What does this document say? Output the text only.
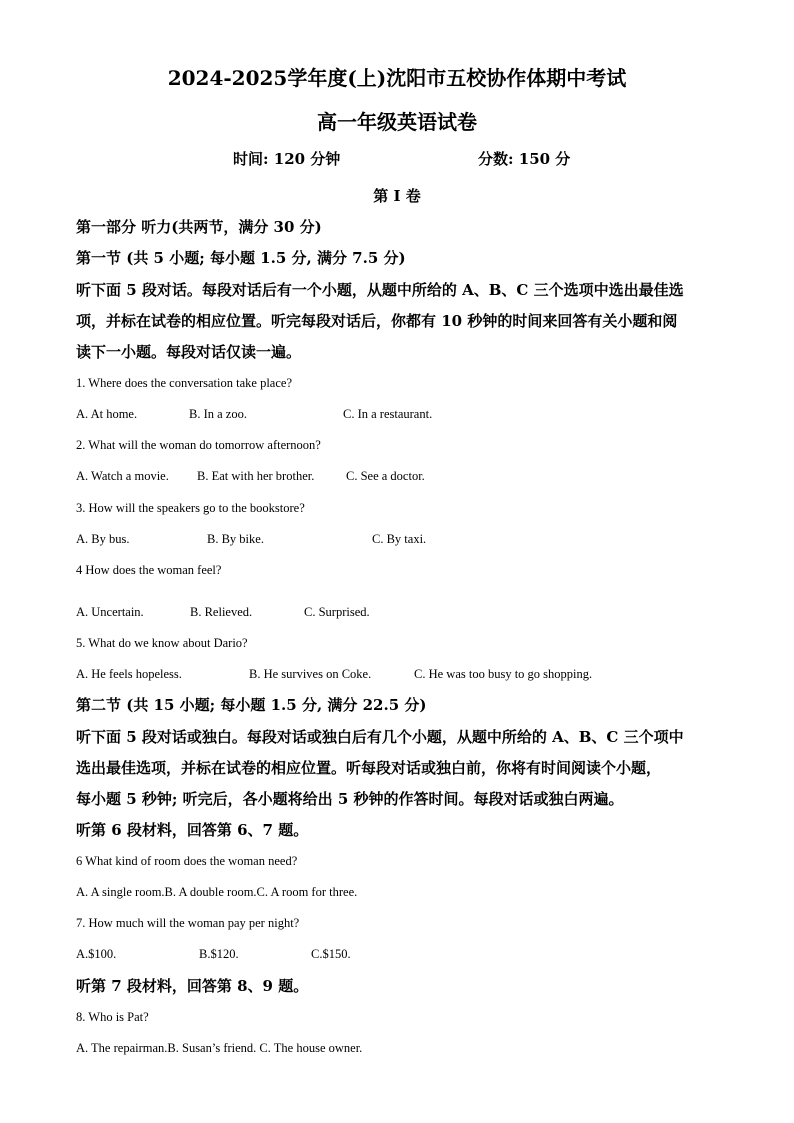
2024-2025学年度(上)沈阳市五校协作体期中考试
高一年级英语试卷
时间: 120 分钟	分数: 150 分
第 I 卷
第一部分 听力(共两节，满分 30 分)
第一节 (共 5 小题; 每小题 1.5 分, 满分 7.5 分)
听下面 5 段对话。每段对话后有一个小题，从题中所给的 A、B、C 三个选项中选出最佳选
项，并标在试卷的相应位置。听完每段对话后，你都有 10 秒钟的时间来回答有关小题和阅
读下一小题。每段对话仅读一遍。
1. Where does the conversation take place?
A. At home.	B. In a zoo.	C. In a restaurant.
2. What will the woman do tomorrow afternoon?
A. Watch a movie. B. Eat with her brother.	C. See a doctor.
3. How will the speakers go to the bookstore?
A. By bus.	B. By bike.	C. By taxi.
4 How does the woman feel?
A. Uncertain.	B. Relieved.	C. Surprised.
5. What do we know about Dario?
A. He feels hopeless.	B. He survives on Coke.	C. He was too busy to go shopping.
第二节 (共 15 小题; 每小题 1.5 分, 满分 22.5 分)
听下面 5 段对话或独白。每段对话或独白后有几个小题，从题中所给的 A、B、C 三个项中
选出最佳选项，并标在试卷的相应位置。听每段对话或独白前，你将有时间阅读个小题，
每小题 5 秒钟; 听完后，各小题将给出 5 秒钟的作答时间。每段对话或独白两遍。
听第 6 段材料，回答第 6、7 题。
6 What kind of room does the woman need?
A. A single room.B. A double room.C. A room for three.
7. How much will the woman pay per night?
A.$100.	B.$120.	C.$150.
听第 7 段材料，回答第 8、9 题。
8. Who is Pat?
A. The repairman.B. Susan’s friend. C. The house owner.
